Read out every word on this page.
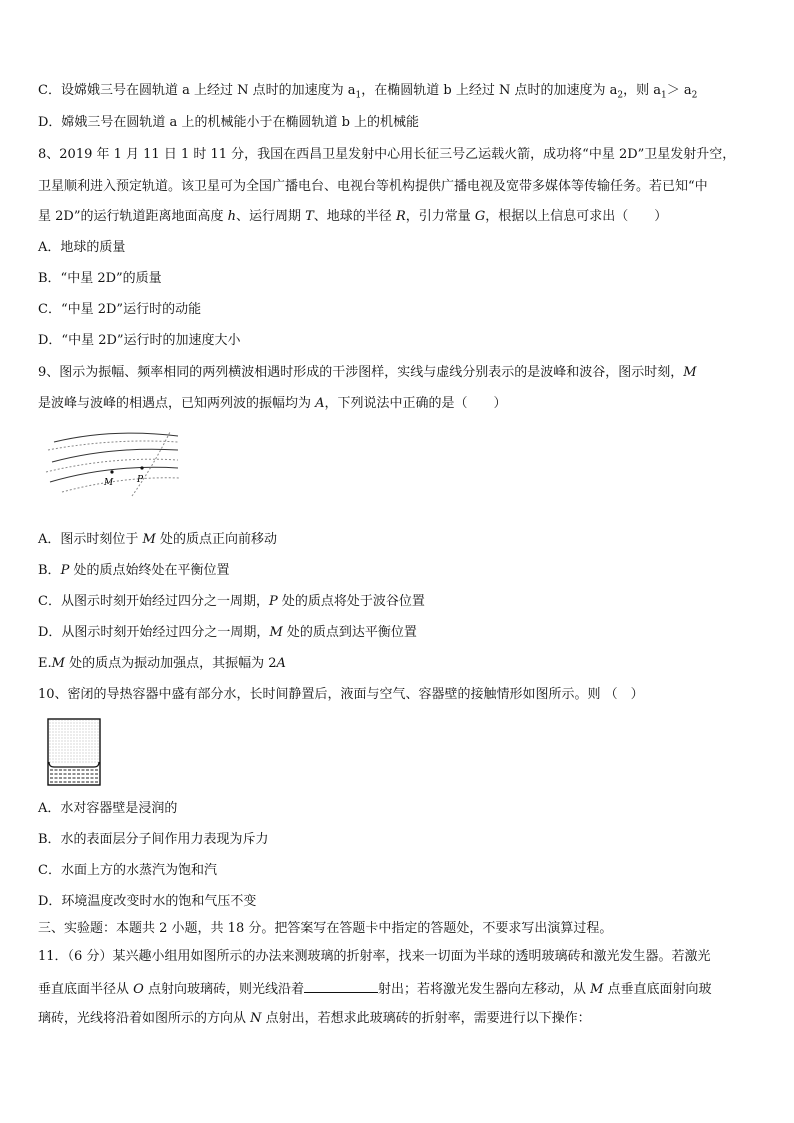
C．设嫦娥三号在圆轨道 a 上经过 N 点时的加速度为 $a_1$，在椭圆轨道 b 上经过 N 点时的加速度为 $a_2$，则 $a_1> a_2$
D．嫦娥三号在圆轨道 a 上的机械能小于在椭圆轨道 b 上的机械能
8、2019 年 1 月 11 日 1 时 11 分，我国在西昌卫星发射中心用长征三号乙运载火箭，成功将“中星 2D”卫星发射升空，
卫星顺利进入预定轨道。该卫星可为全国广播电台、电视台等机构提供广播电视及宽带多媒体等传输任务。若已知“中
星 2D”的运行轨道距离地面高度 h、运行周期 T、地球的半径 R，引力常量 G，根据以上信息可求出（　　）
A．地球的质量
B．“中星 2D”的质量
C．“中星 2D”运行时的动能
D．“中星 2D”运行时的加速度大小
9、图示为振幅、频率相同的两列横波相遇时形成的干涉图样，实线与虚线分别表示的是波峰和波谷，图示时刻，M
是波峰与波峰的相遇点，已知两列波的振幅均为 A，下列说法中正确的是（　　）
M	P
A．图示时刻位于 M 处的质点正向前移动
B．P 处的质点始终处在平衡位置
C．从图示时刻开始经过四分之一周期，P 处的质点将处于波谷位置
D．从图示时刻开始经过四分之一周期，M 处的质点到达平衡位置
E.M 处的质点为振动加强点，其振幅为 2A
10、密闭的导热容器中盛有部分水，长时间静置后，液面与空气、容器壁的接触情形如图所示。则 （　）
A．水对容器壁是浸润的
B．水的表面层分子间作用力表现为斥力
C．水面上方的水蒸汽为饱和汽
D．环境温度改变时水的饱和气压不变
三、实验题：本题共 2 小题，共 18 分。把答案写在答题卡中指定的答题处，不要求写出演算过程。
11．（6 分）某兴趣小组用如图所示的办法来测玻璃的折射率，找来一切面为半球的透明玻璃砖和激光发生器。若激光
垂直底面半径从 O 点射向玻璃砖，则光线沿着	射出；若将激光发生器向左移动，从 M 点垂直底面射向玻
璃砖，光线将沿着如图所示的方向从 N 点射出，若想求此玻璃砖的折射率，需要进行以下操作：
